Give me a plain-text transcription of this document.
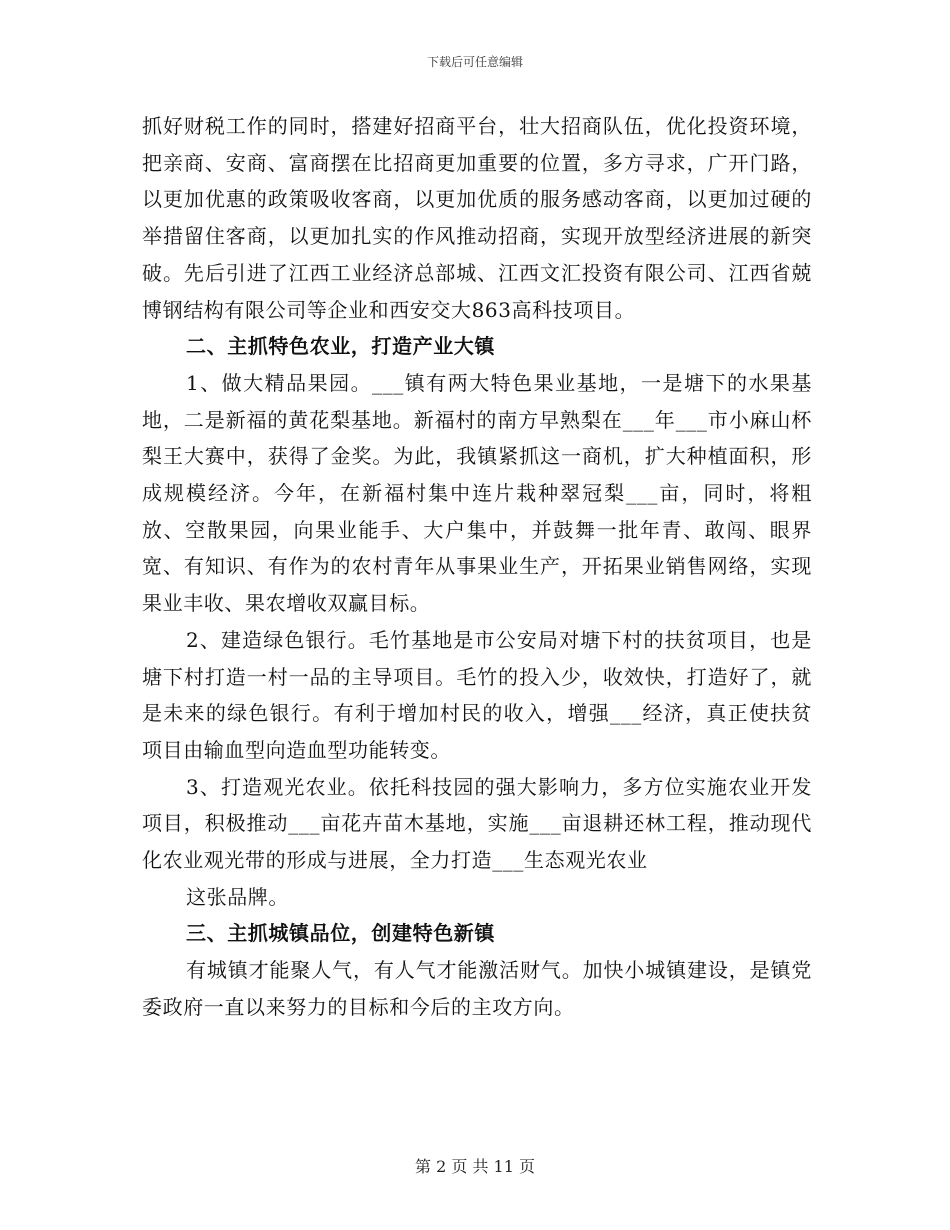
下载后可任意编辑

抓好财税工作的同时，搭建好招商平台，壮大招商队伍，优化投资环境，把亲商、安商、富商摆在比招商更加重要的位置，多方寻求，广开门路，以更加优惠的政策吸收客商，以更加优质的服务感动客商，以更加过硬的举措留住客商，以更加扎实的作风推动招商，实现开放型经济进展的新突破。先后引进了江西工业经济总部城、江西文汇投资有限公司、江西省兢博钢结构有限公司等企业和西安交大863高科技项目。

二、主抓特色农业，打造产业大镇

1、做大精品果园。___镇有两大特色果业基地，一是塘下的水果基地，二是新福的黄花梨基地。新福村的南方早熟梨在___年___市小麻山杯梨王大赛中，获得了金奖。为此，我镇紧抓这一商机，扩大种植面积，形成规模经济。今年，在新福村集中连片栽种翠冠梨___亩，同时，将粗放、空散果园，向果业能手、大户集中，并鼓舞一批年青、敢闯、眼界宽、有知识、有作为的农村青年从事果业生产，开拓果业销售网络，实现果业丰收、果农增收双赢目标。

2、建造绿色银行。毛竹基地是市公安局对塘下村的扶贫项目，也是塘下村打造一村一品的主导项目。毛竹的投入少，收效快，打造好了，就是未来的绿色银行。有利于增加村民的收入，增强___经济，真正使扶贫项目由输血型向造血型功能转变。

3、打造观光农业。依托科技园的强大影响力，多方位实施农业开发项目，积极推动___亩花卉苗木基地，实施___亩退耕还林工程，推动现代化农业观光带的形成与进展，全力打造___生态观光农业

这张品牌。

三、主抓城镇品位，创建特色新镇

有城镇才能聚人气，有人气才能激活财气。加快小城镇建设，是镇党委政府一直以来努力的目标和今后的主攻方向。

第 2 页 共 11 页
